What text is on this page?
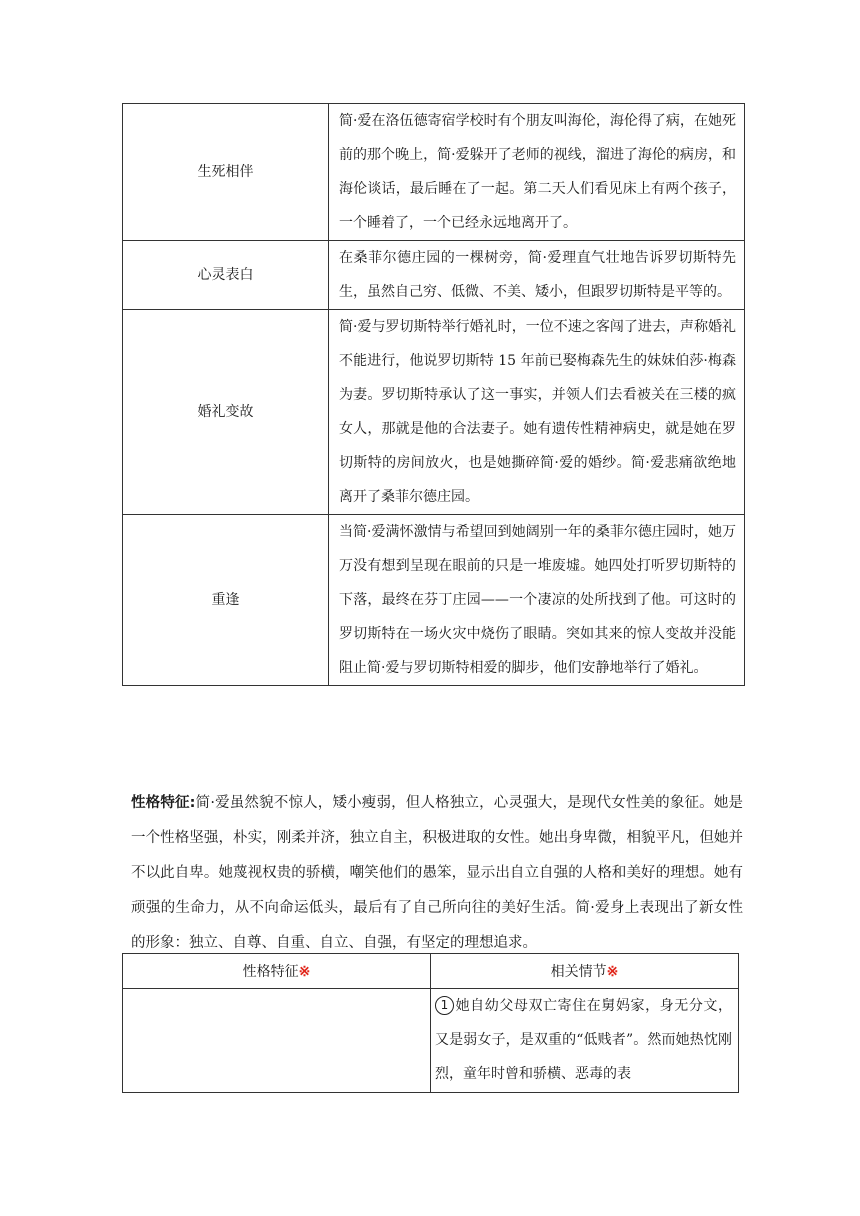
生死相伴	简·爱在洛伍德寄宿学校时有个朋友叫海伦，海伦得了病，在她死前的那个晚上，简·爱躲开了老师的视线，溜进了海伦的病房，和海伦谈话，最后睡在了一起。第二天人们看见床上有两个孩子，一个睡着了，一个已经永远地离开了。
心灵表白	在桑菲尔德庄园的一棵树旁，简·爱理直气壮地告诉罗切斯特先生，虽然自己穷、低微、不美、矮小，但跟罗切斯特是平等的。
婚礼变故	简·爱与罗切斯特举行婚礼时，一位不速之客闯了进去，声称婚礼不能进行，他说罗切斯特 15 年前已娶梅森先生的妹妹伯莎·梅森为妻。罗切斯特承认了这一事实，并领人们去看被关在三楼的疯女人，那就是他的合法妻子。她有遗传性精神病史，就是她在罗切斯特的房间放火，也是她撕碎简·爱的婚纱。简·爱悲痛欲绝地离开了桑菲尔德庄园。
重逢	当简·爱满怀激情与希望回到她阔别一年的桑菲尔德庄园时，她万万没有想到呈现在眼前的只是一堆废墟。她四处打听罗切斯特的下落，最终在芬丁庄园——一个凄凉的处所找到了他。可这时的罗切斯特在一场火灾中烧伤了眼睛。突如其来的惊人变故并没能阻止简·爱与罗切斯特相爱的脚步，他们安静地举行了婚礼。

性格特征:简·爱虽然貌不惊人，矮小瘦弱，但人格独立，心灵强大，是现代女性美的象征。她是一个性格坚强，朴实，刚柔并济，独立自主，积极进取的女性。她出身卑微，相貌平凡，但她并不以此自卑。她蔑视权贵的骄横，嘲笑他们的愚笨，显示出自立自强的人格和美好的理想。她有顽强的生命力，从不向命运低头，最后有了自己所向往的美好生活。简·爱身上表现出了新女性的形象：独立、自尊、自重、自立、自强，有坚定的理想追求。

性格特征※	相关情节※
	1 她自幼父母双亡寄住在舅妈家，身无分文，又是弱女子，是双重的“低贱者”。然而她热忱刚烈，童年时曾和骄横、恶毒的表
